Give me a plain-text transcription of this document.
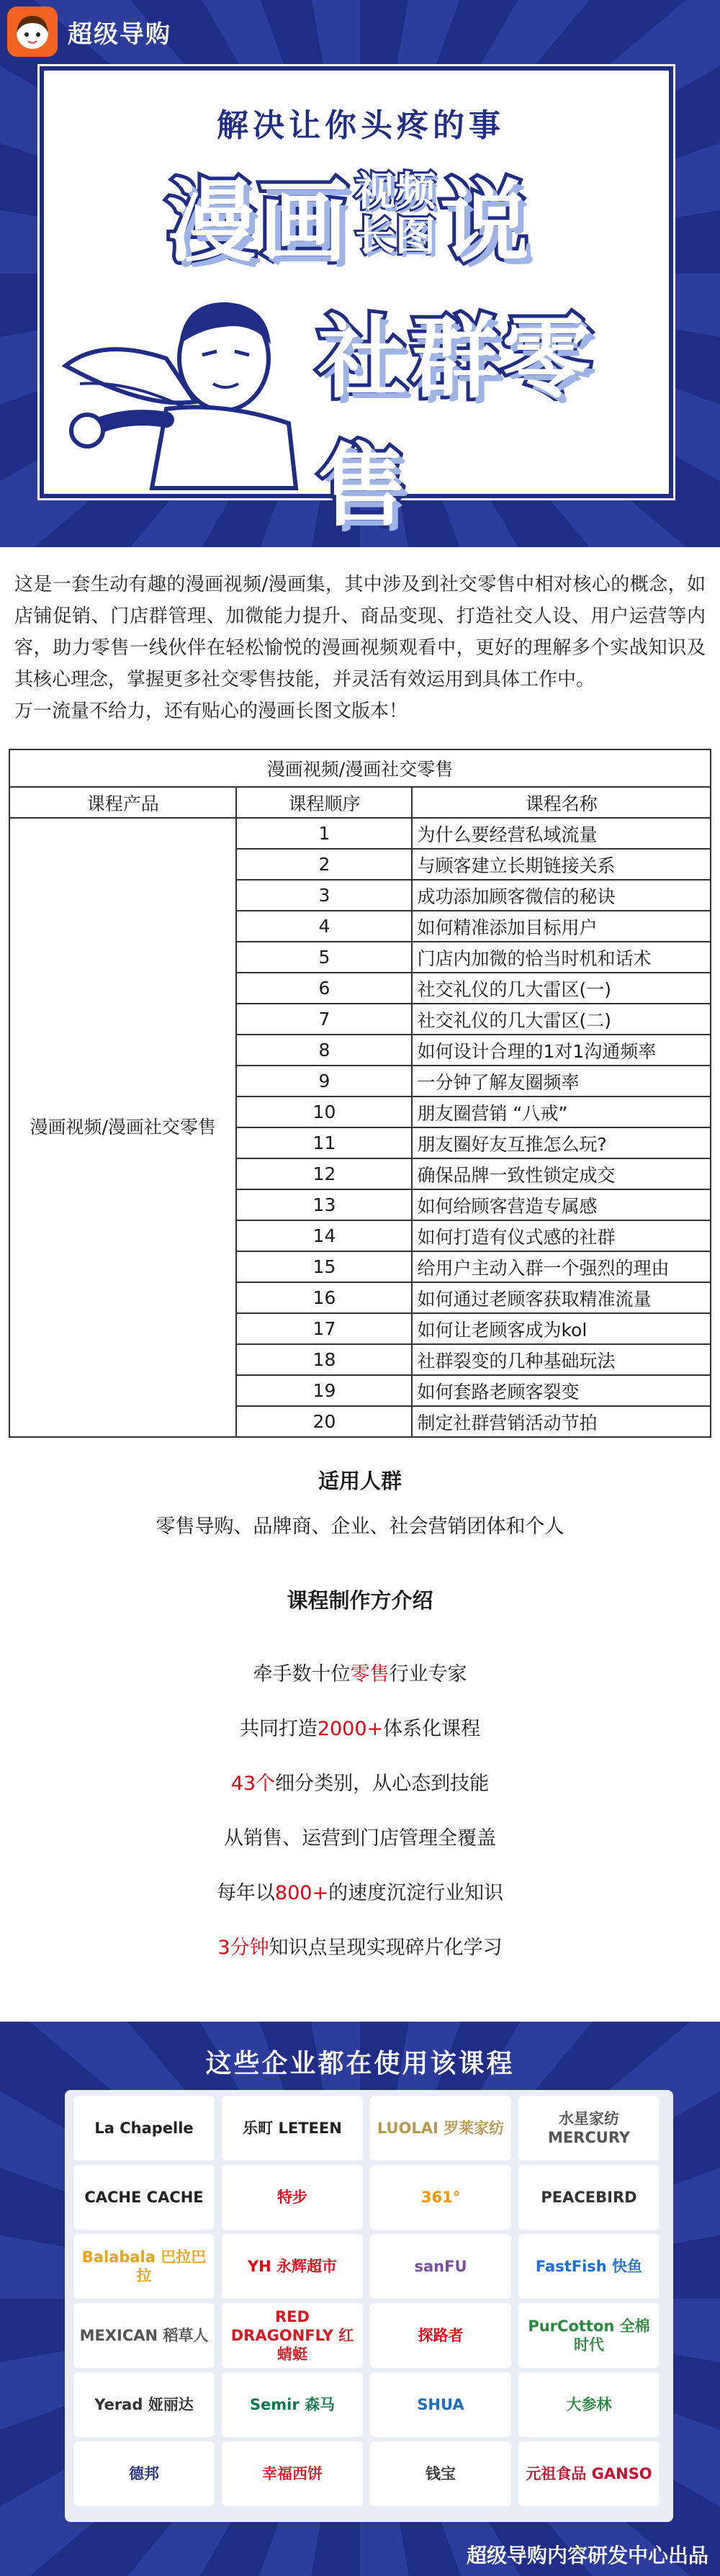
超级导购
解决让你头疼的事
漫画 视频
长图 说
社群零售

这是一套生动有趣的漫画视频/漫画集，其中涉及到社交零售中相对核心的概念，如店铺促销、门店群管理、加微能力提升、商品变现、打造社交人设、用户运营等内容，助力零售一线伙伴在轻松愉悦的漫画视频观看中，更好的理解多个实战知识及其核心理念，掌握更多社交零售技能，并灵活有效运用到具体工作中。

万一流量不给力，还有贴心的漫画长图文版本！

漫画视频/漫画社交零售		
课程产品	课程顺序	课程名称
漫画视频/漫画社交零售	1	为什么要经营私域流量
	2	与顾客建立长期链接关系
	3	成功添加顾客微信的秘诀
	4	如何精准添加目标用户
	5	门店内加微的恰当时机和话术
	6	社交礼仪的几大雷区(一)
	7	社交礼仪的几大雷区(二)
	8	如何设计合理的1对1沟通频率
	9	一分钟了解友圈频率
	10	朋友圈营销 “八戒”
	11	朋友圈好友互推怎么玩?
	12	确保品牌一致性锁定成交
	13	如何给顾客营造专属感
	14	如何打造有仪式感的社群
	15	给用户主动入群一个强烈的理由
	16	如何通过老顾客获取精准流量
	17	如何让老顾客成为kol
	18	社群裂变的几种基础玩法
	19	如何套路老顾客裂变
	20	制定社群营销活动节拍
适用人群
零售导购、品牌商、企业、社会营销团体和个人
课程制作方介绍
牵手数十位零售行业专家
共同打造2000+体系化课程
43个细分类别，从心态到技能
从销售、运营到门店管理全覆盖
每年以800+的速度沉淀行业知识
3分钟知识点呈现实现碎片化学习
这些企业都在使用该课程
La Chapelle	乐町 LETEEN	LUOLAI 罗莱家纺
水星家纺 MERCURY
CACHE CACHE	特步	361°	PEACEBIRD
Balabala 巴拉巴拉
YH 永辉超市	sanFU	FastFish 快鱼
MEXICAN 稻草人
RED DRAGONFLY 红蜻蜓
探路者
PurCotton 全棉时代
Yerad 娅丽达	Semir 森马	SHUA	大参林
德邦	幸福西饼	钱宝	元祖食品 GANSO
超级导购内容研发中心出品
